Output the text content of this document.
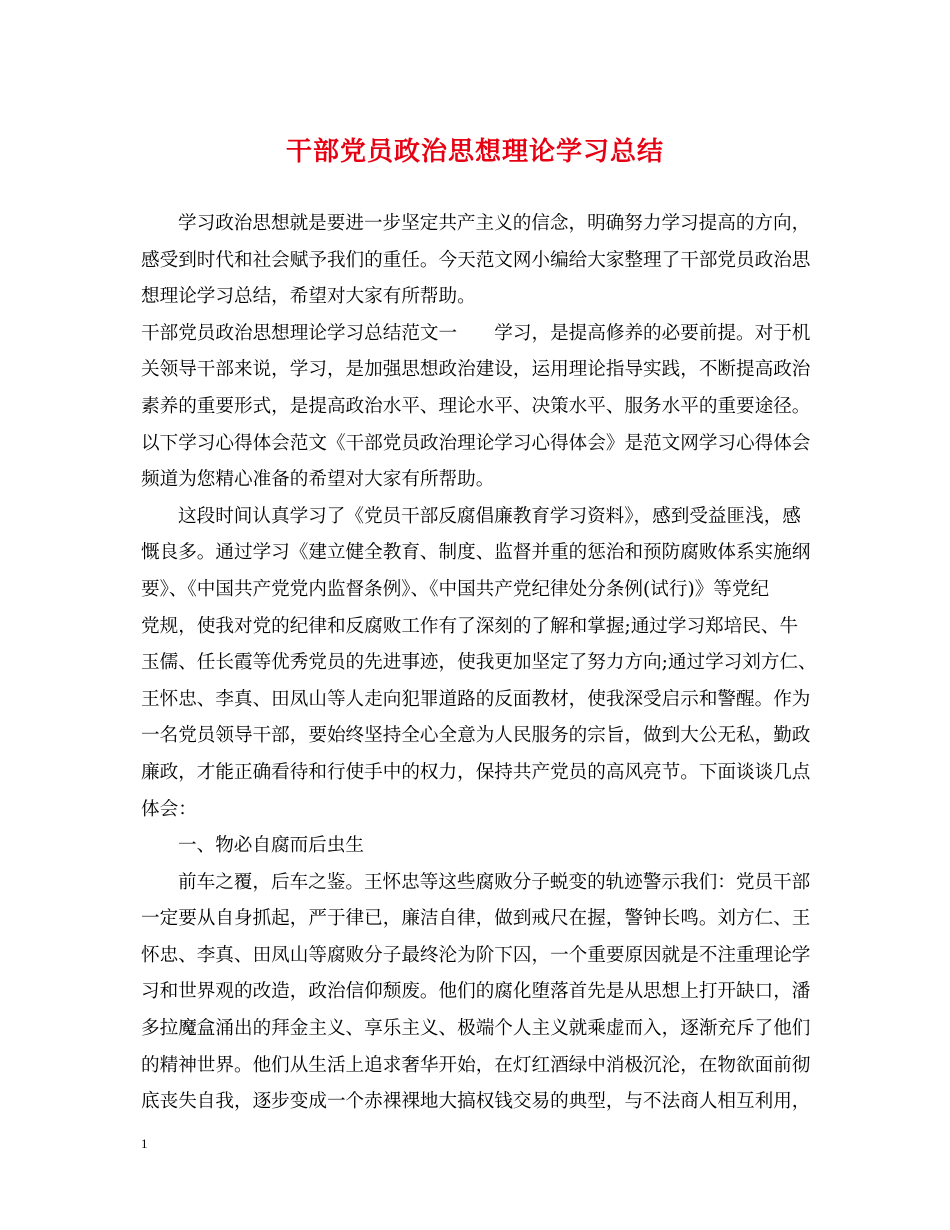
干部党员政治思想理论学习总结
学习政治思想就是要进一步坚定共产主义的信念，明确努力学习提高的方向，
感受到时代和社会赋予我们的重任。今天范文网小编给大家整理了干部党员政治思
想理论学习总结，希望对大家有所帮助。
干部党员政治思想理论学习总结范文一　　学习，是提高修养的必要前提。对于机
关领导干部来说，学习，是加强思想政治建设，运用理论指导实践，不断提高政治
素养的重要形式，是提高政治水平、理论水平、决策水平、服务水平的重要途径。
以下学习心得体会范文《干部党员政治理论学习心得体会》是范文网学习心得体会
频道为您精心准备的希望对大家有所帮助。
这段时间认真学习了《党员干部反腐倡廉教育学习资料》，感到受益匪浅，感
慨良多。通过学习《建立健全教育、制度、监督并重的惩治和预防腐败体系实施纲
要》、《中国共产党党内监督条例》、《中国共产党纪律处分条例(试行)》等党纪
党规，使我对党的纪律和反腐败工作有了深刻的了解和掌握;通过学习郑培民、牛
玉儒、任长霞等优秀党员的先进事迹，使我更加坚定了努力方向;通过学习刘方仁、
王怀忠、李真、田凤山等人走向犯罪道路的反面教材，使我深受启示和警醒。作为
一名党员领导干部，要始终坚持全心全意为人民服务的宗旨，做到大公无私，勤政
廉政，才能正确看待和行使手中的权力，保持共产党员的高风亮节。下面谈谈几点
体会：
一、物必自腐而后虫生
前车之覆，后车之鉴。王怀忠等这些腐败分子蜕变的轨迹警示我们：党员干部
一定要从自身抓起，严于律已，廉洁自律，做到戒尺在握，警钟长鸣。刘方仁、王
怀忠、李真、田凤山等腐败分子最终沦为阶下囚，一个重要原因就是不注重理论学
习和世界观的改造，政治信仰颓废。他们的腐化堕落首先是从思想上打开缺口，潘
多拉魔盒涌出的拜金主义、享乐主义、极端个人主义就乘虚而入，逐渐充斥了他们
的精神世界。他们从生活上追求奢华开始，在灯红酒绿中消极沉沦，在物欲面前彻
底丧失自我，逐步变成一个赤裸裸地大搞权钱交易的典型，与不法商人相互利用，
1
